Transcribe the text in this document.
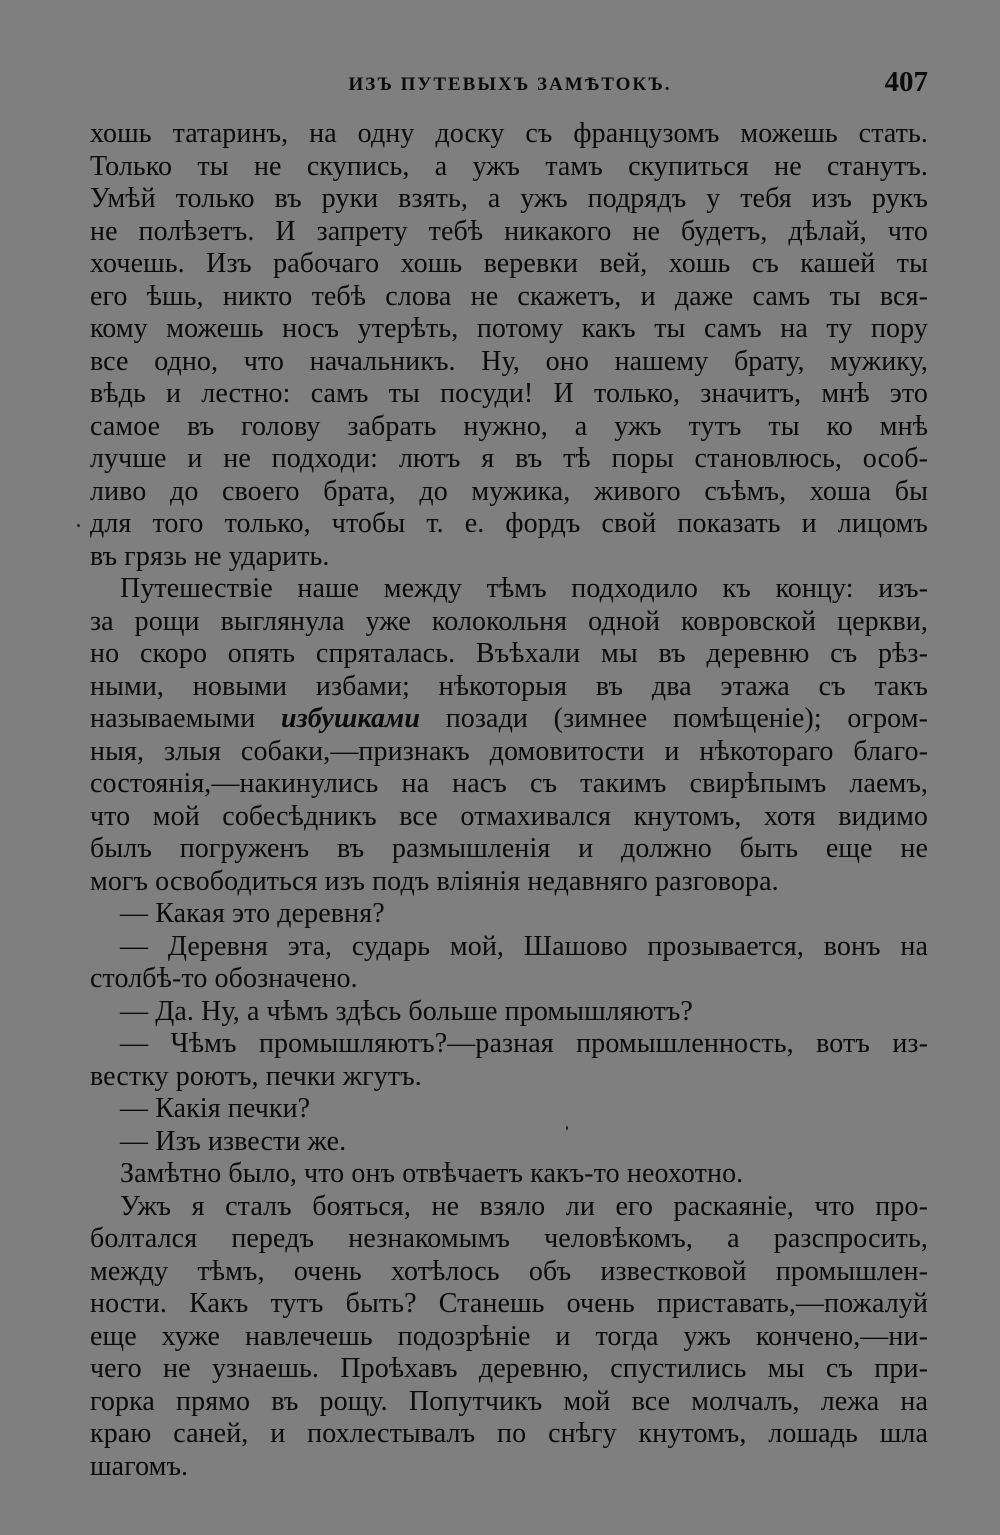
ИЗЪ ПУТЕВЫХЪ ЗАМѢТОКЪ.	407
хошь татаринъ, на одну доску съ французомъ можешь стать.
Только ты не скупись, а ужъ тамъ скупиться не станутъ.
Умѣй только въ руки взять, а ужъ подрядъ у тебя изъ рукъ
не полѣзетъ. И запрету тебѣ никакого не будетъ, дѣлай, что
хочешь. Изъ рабочаго хошь веревки вей, хошь съ кашей ты
его ѣшь, никто тебѣ слова не скажетъ, и даже самъ ты вся-
кому можешь носъ утерѣть, потому какъ ты самъ на ту пору
все одно, что начальникъ. Ну, оно нашему брату, мужику,
вѣдь и лестно: самъ ты посуди! И только, значитъ, мнѣ это
самое въ голову забрать нужно, а ужъ тутъ ты ко мнѣ
лучше и не подходи: лютъ я въ тѣ поры становлюсь, особ-
ливо до своего брата, до мужика, живого съѣмъ, хоша бы
для того только, чтобы т. е. фордъ свой показать и лицомъ
въ грязь не ударить.
Путешествіе наше между тѣмъ подходило къ концу: изъ-
за рощи выглянула уже колокольня одной ковровской церкви,
но скоро опять спряталась. Въѣхали мы въ деревню съ рѣз-
ными, новыми избами; нѣкоторыя въ два этажа съ такъ
называемыми избушками позади (зимнее помѣщеніе); огром-
ныя, злыя собаки,—признакъ домовитости и нѣкотораго благо-
состоянія,—накинулись на насъ съ такимъ свирѣпымъ лаемъ,
что мой собесѣдникъ все отмахивался кнутомъ, хотя видимо
былъ погруженъ въ размышленія и должно быть еще не
могъ освободиться изъ подъ вліянія недавняго разговора.
— Какая это деревня?
— Деревня эта, сударь мой, Шашово прозывается, вонъ на
столбѣ-то обозначено.
— Да. Ну, а чѣмъ здѣсь больше промышляютъ?
— Чѣмъ промышляютъ?—разная промышленность, вотъ из-
вестку роютъ, печки жгутъ.
— Какія печки?
— Изъ извести же.
Замѣтно было, что онъ отвѣчаетъ какъ-то неохотно.
Ужъ я сталъ бояться, не взяло ли его раскаяніе, что про-
болтался передъ незнакомымъ человѣкомъ, а разспросить,
между тѣмъ, очень хотѣлось объ известковой промышлен-
ности. Какъ тутъ быть? Станешь очень приставать,—пожалуй
еще хуже навлечешь подозрѣніе и тогда ужъ кончено,—ни-
чего не узнаешь. Проѣхавъ деревню, спустились мы съ при-
горка прямо въ рощу. Попутчикъ мой все молчалъ, лежа на
краю саней, и похлестывалъ по снѣгу кнутомъ, лошадь шла
шагомъ.
